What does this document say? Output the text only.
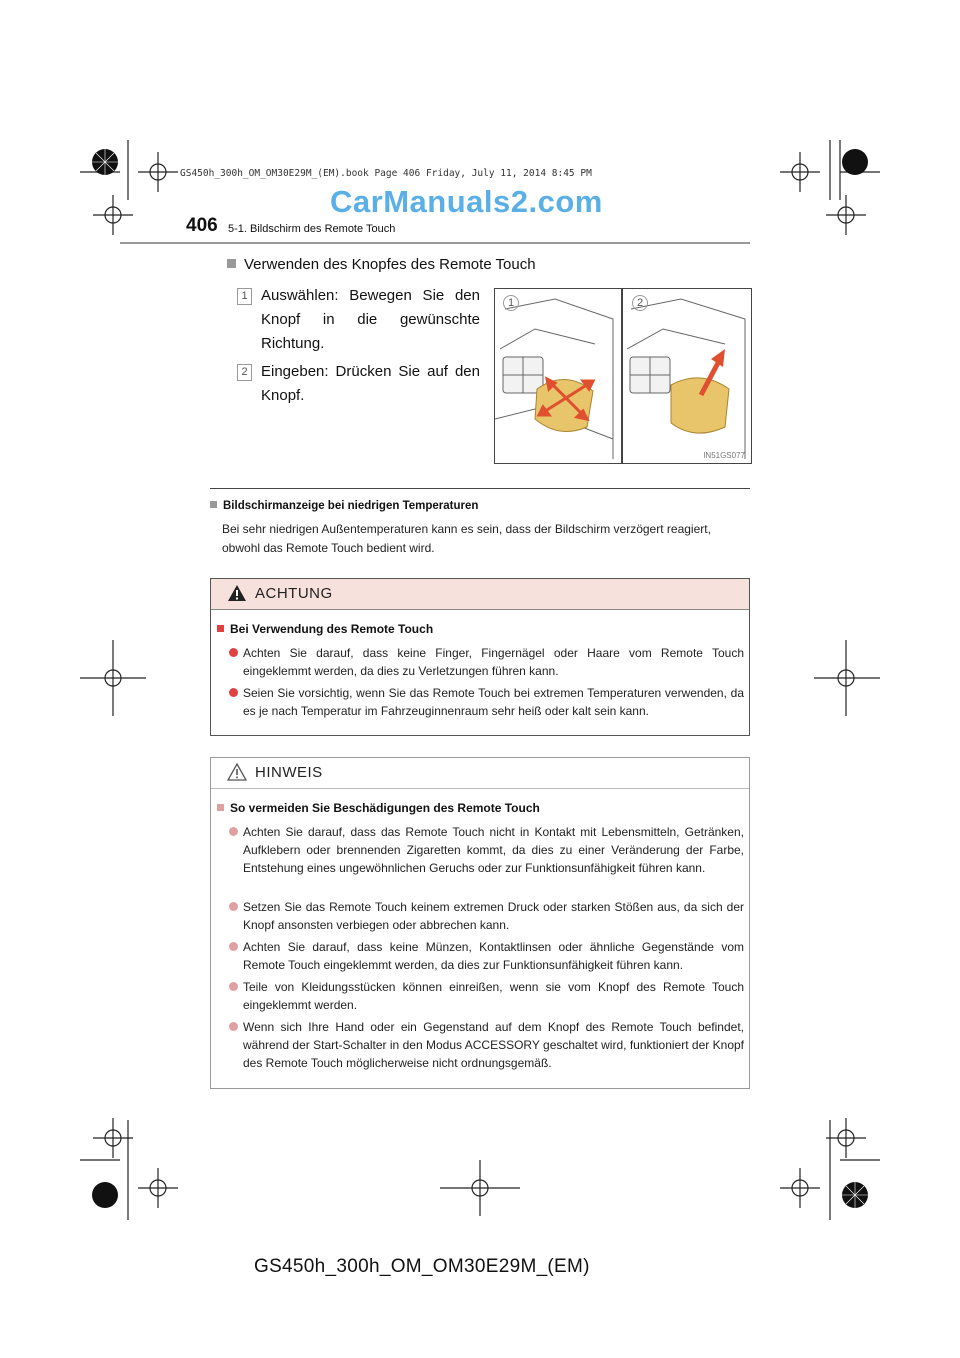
GS450h_300h_OM_OM30E29M_(EM).book Page 406 Friday, July 11, 2014 8:45 PM
CarManuals2.com
406 5-1. Bildschirm des Remote Touch
Verwenden des Knopfes des Remote Touch
1 Auswählen: Bewegen Sie den Knopf in die gewünschte Richtung.
2 Eingeben: Drücken Sie auf den Knopf.
1	2
IN51GS077
Bildschirmanzeige bei niedrigen Temperaturen
Bei sehr niedrigen Außentemperaturen kann es sein, dass der Bildschirm verzögert reagiert, obwohl das Remote Touch bedient wird.
ACHTUNG
Bei Verwendung des Remote Touch
Achten Sie darauf, dass keine Finger, Fingernägel oder Haare vom Remote Touch eingeklemmt werden, da dies zu Verletzungen führen kann.
Seien Sie vorsichtig, wenn Sie das Remote Touch bei extremen Temperaturen verwenden, da es je nach Temperatur im Fahrzeuginnenraum sehr heiß oder kalt sein kann.
HINWEIS
So vermeiden Sie Beschädigungen des Remote Touch
Achten Sie darauf, dass das Remote Touch nicht in Kontakt mit Lebensmitteln, Getränken, Aufklebern oder brennenden Zigaretten kommt, da dies zu einer Veränderung der Farbe, Entstehung eines ungewöhnlichen Geruchs oder zur Funktionsunfähigkeit führen kann.
Setzen Sie das Remote Touch keinem extremen Druck oder starken Stößen aus, da sich der Knopf ansonsten verbiegen oder abbrechen kann.
Achten Sie darauf, dass keine Münzen, Kontaktlinsen oder ähnliche Gegenstände vom Remote Touch eingeklemmt werden, da dies zur Funktionsunfähigkeit führen kann.
Teile von Kleidungsstücken können einreißen, wenn sie vom Knopf des Remote Touch eingeklemmt werden.
Wenn sich Ihre Hand oder ein Gegenstand auf dem Knopf des Remote Touch befindet, während der Start-Schalter in den Modus ACCESSORY geschaltet wird, funktioniert der Knopf des Remote Touch möglicherweise nicht ordnungsgemäß.
GS450h_300h_OM_OM30E29M_(EM)
